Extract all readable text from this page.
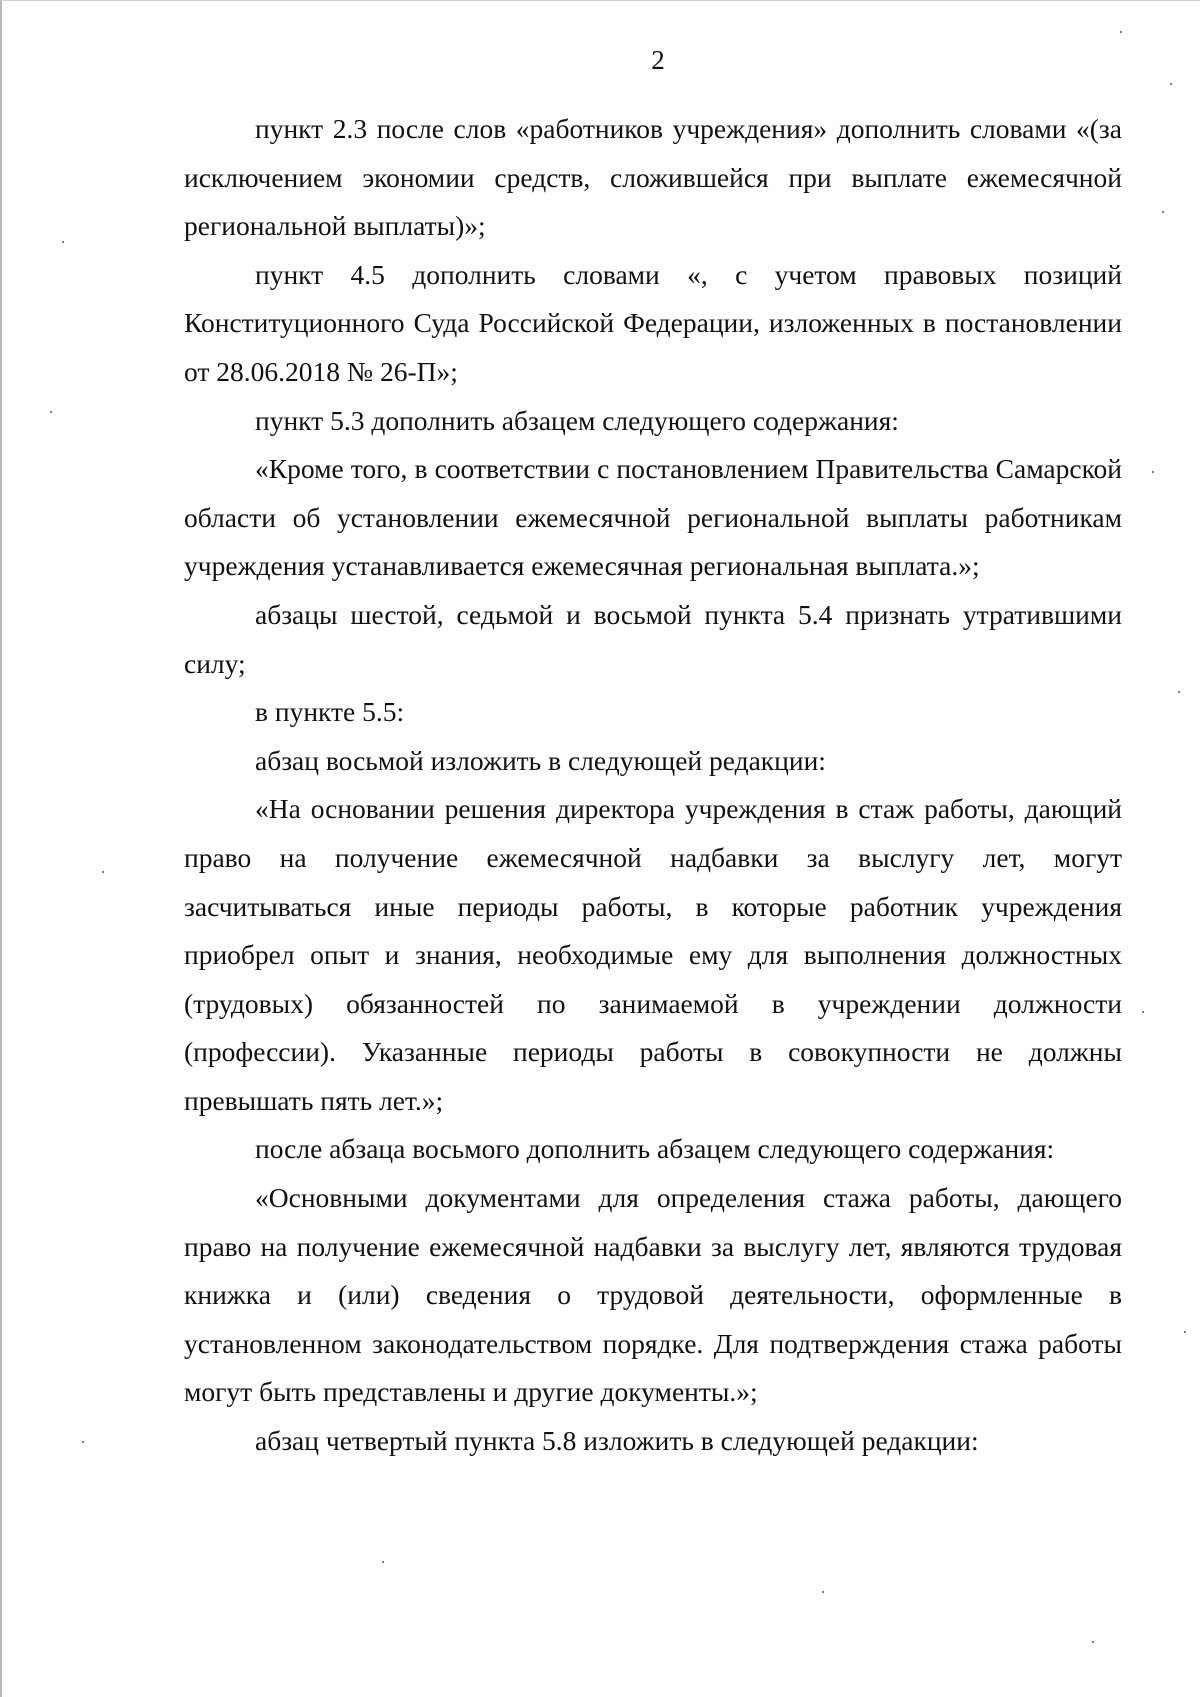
2

пункт 2.3 после слов «работников учреждения» дополнить словами «(за исключением экономии средств, сложившейся при выплате ежемесячной региональной выплаты)»;

пункт 4.5 дополнить словами «, с учетом правовых позиций Конституционного Суда Российской Федерации, изложенных в постановлении от 28.06.2018 № 26-П»;

пункт 5.3 дополнить абзацем следующего содержания:

«Кроме того, в соответствии с постановлением Правительства Самарской области об установлении ежемесячной региональной выплаты работникам учреждения устанавливается ежемесячная региональная выплата.»;

абзацы шестой, седьмой и восьмой пункта 5.4 признать утратившими силу;

в пункте 5.5:

абзац восьмой изложить в следующей редакции:

«На основании решения директора учреждения в стаж работы, дающий право на получение ежемесячной надбавки за выслугу лет, могут засчитываться иные периоды работы, в которые работник учреждения приобрел опыт и знания, необходимые ему для выполнения должностных (трудовых) обязанностей по занимаемой в учреждении должности (профессии). Указанные периоды работы в совокупности не должны превышать пять лет.»;

после абзаца восьмого дополнить абзацем следующего содержания:

«Основными документами для определения стажа работы, дающего право на получение ежемесячной надбавки за выслугу лет, являются трудовая книжка и (или) сведения о трудовой деятельности, оформленные в установленном законодательством порядке. Для подтверждения стажа работы могут быть представлены и другие документы.»;

абзац четвертый пункта 5.8 изложить в следующей редакции:
